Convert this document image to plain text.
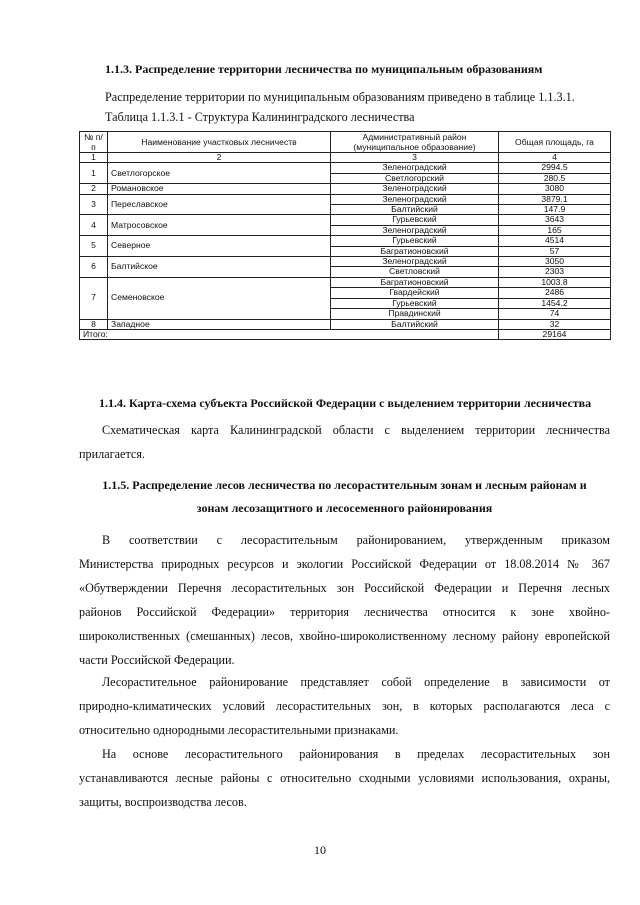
1.1.3. Распределение территории лесничества по муниципальным образованиям
Распределение территории по муниципальным образованиям приведено в таблице 1.1.3.1.
Таблица 1.1.3.1 - Структура Калининградского лесничества
№ п/п	Наименование участковых лесничеств	Административный район (муниципальное образование)	Общая площадь, га
1	2	3	4
1	Светлогорское	Зеленоградский	2994.5
		Светлогорский	280.5
2	Романовское	Зеленоградский	3080
3	Переславское	Зеленоградский	3879.1
		Балтийский	147.9
4	Матросовское	Гурьевский	3643
		Зеленоградский	165
5	Северное	Гурьевский	4514
		Багратионовский	57
6	Балтийское	Зеленоградский	3050
		Светловский	2303
7	Семеновское	Багратионовский	1003.8
		Гвардейский	2486
		Гурьевский	1454.2
		Правдинский	74
8	Западное	Балтийский	32
Итого:			29164
1.1.4. Карта-схема субъекта Российской Федерации с выделением территории лесничества
Схематическая карта Калининградской области с выделением территории лесничества
прилагается.
1.1.5. Распределение лесов лесничества по лесорастительным зонам и лесным районам и
зонам лесозащитного и лесосеменного районирования
В соответствии с лесорастительным районированием, утвержденным приказом
Министерства природных ресурсов и экологии Российской Федерации от 18.08.2014 № 367
«Обутверждении Перечня лесорастительных зон Российской Федерации и Перечня лесных
районов Российской Федерации» территория лесничества относится к зоне хвойно-
широколиственных (смешанных) лесов, хвойно-широколиственному лесному району европейской
части Российской Федерации.
Лесорастительное районирование представляет собой определение в зависимости от
природно-климатических условий лесорастительных зон, в которых располагаются леса с
относительно однородными лесорастительными признаками.
На основе лесорастительного районирования в пределах лесорастительных зон
устанавливаются лесные районы с относительно сходными условиями использования, охраны,
защиты, воспроизводства лесов.
10
